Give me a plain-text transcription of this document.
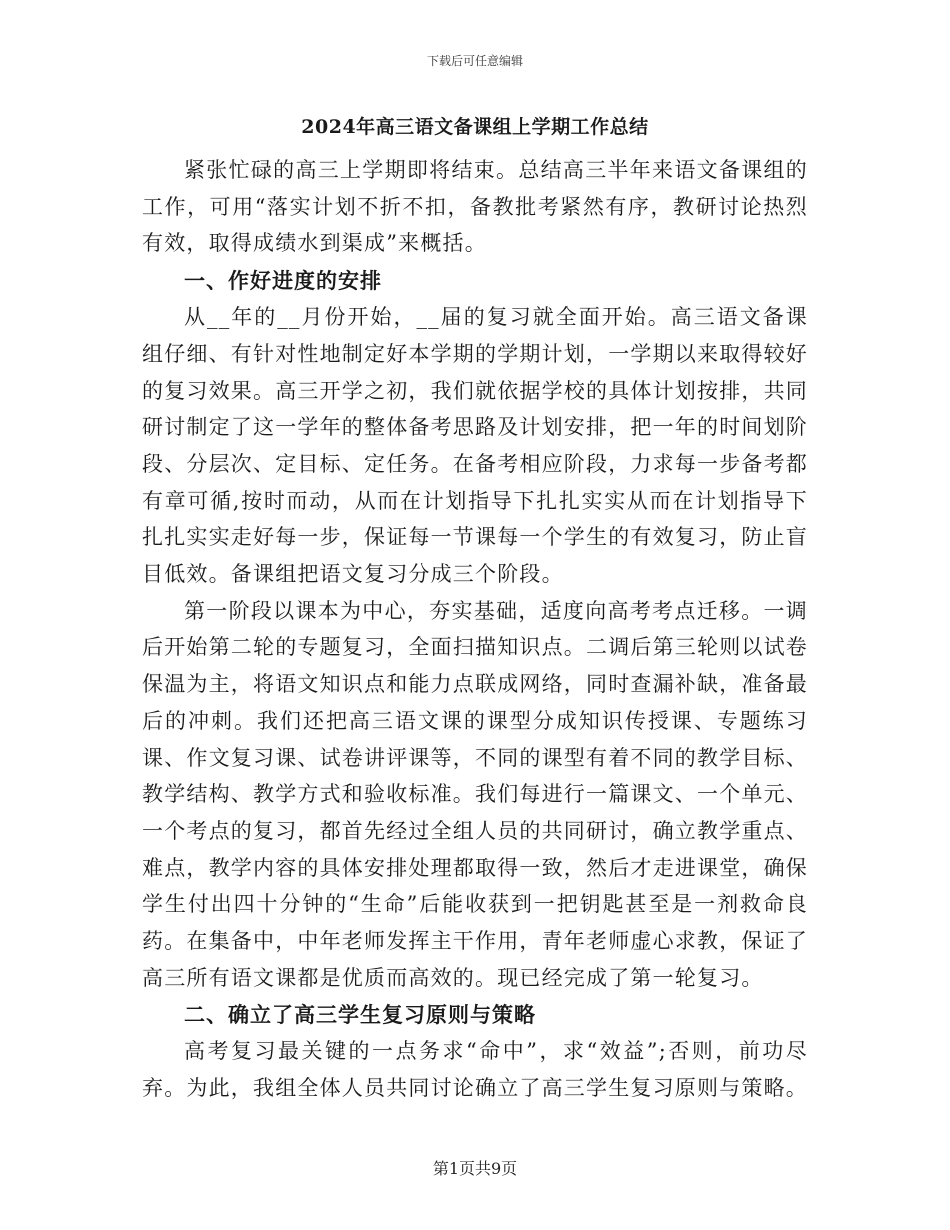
下载后可任意编辑
2024年高三语文备课组上学期工作总结

紧张忙碌的高三上学期即将结束。总结高三半年来语文备课组的工作，可用“落实计划不折不扣，备教批考紧然有序，教研讨论热烈有效，取得成绩水到渠成”来概括。

一、作好进度的安排

从__年的__月份开始，__届的复习就全面开始。高三语文备课组仔细、有针对性地制定好本学期的学期计划，一学期以来取得较好的复习效果。高三开学之初，我们就依据学校的具体计划按排，共同研讨制定了这一学年的整体备考思路及计划安排，把一年的时间划阶段、分层次、定目标、定任务。在备考相应阶段，力求每一步备考都有章可循,按时而动，从而在计划指导下扎扎实实从而在计划指导下扎扎实实走好每一步，保证每一节课每一个学生的有效复习，防止盲目低效。备课组把语文复习分成三个阶段。

第一阶段以课本为中心，夯实基础，适度向高考考点迁移。一调后开始第二轮的专题复习，全面扫描知识点。二调后第三轮则以试卷保温为主，将语文知识点和能力点联成网络，同时查漏补缺，准备最后的冲刺。我们还把高三语文课的课型分成知识传授课、专题练习课、作文复习课、试卷讲评课等，不同的课型有着不同的教学目标、教学结构、教学方式和验收标准。我们每进行一篇课文、一个单元、一个考点的复习，都首先经过全组人员的共同研讨，确立教学重点、难点，教学内容的具体安排处理都取得一致，然后才走进课堂，确保学生付出四十分钟的“生命”后能收获到一把钥匙甚至是一剂救命良药。在集备中，中年老师发挥主干作用，青年老师虚心求教，保证了高三所有语文课都是优质而高效的。现已经完成了第一轮复习。

二、确立了高三学生复习原则与策略

高考复习最关键的一点务求“命中”，求“效益”;否则，前功尽弃。为此，我组全体人员共同讨论确立了高三学生复习原则与策略。

第1页共9页
